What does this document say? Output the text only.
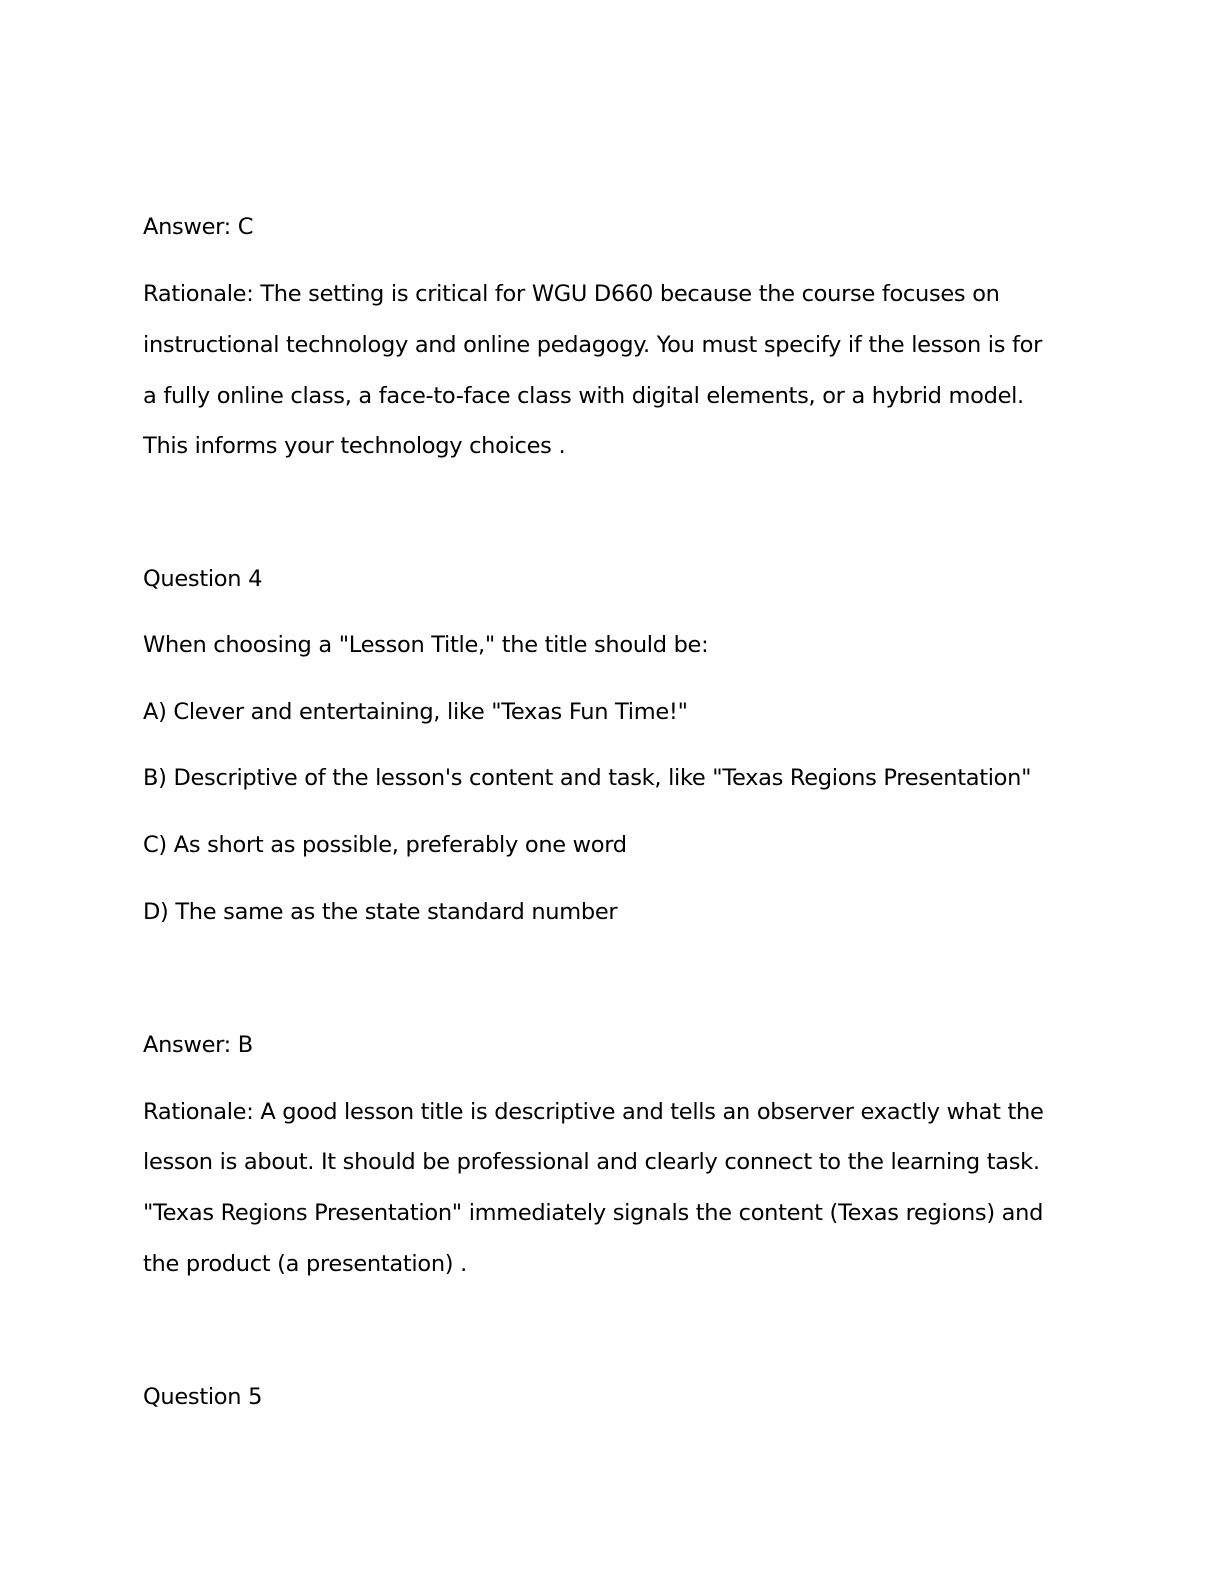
Answer: C

Rationale: The setting is critical for WGU D660 because the course focuses on

instructional technology and online pedagogy. You must specify if the lesson is for

a fully online class, a face-to-face class with digital elements, or a hybrid model.

This informs your technology choices .

Question 4

When choosing a "Lesson Title," the title should be:

A) Clever and entertaining, like "Texas Fun Time!"

B) Descriptive of the lesson's content and task, like "Texas Regions Presentation"

C) As short as possible, preferably one word

D) The same as the state standard number

Answer: B

Rationale: A good lesson title is descriptive and tells an observer exactly what the

lesson is about. It should be professional and clearly connect to the learning task.

"Texas Regions Presentation" immediately signals the content (Texas regions) and

the product (a presentation) .

Question 5
